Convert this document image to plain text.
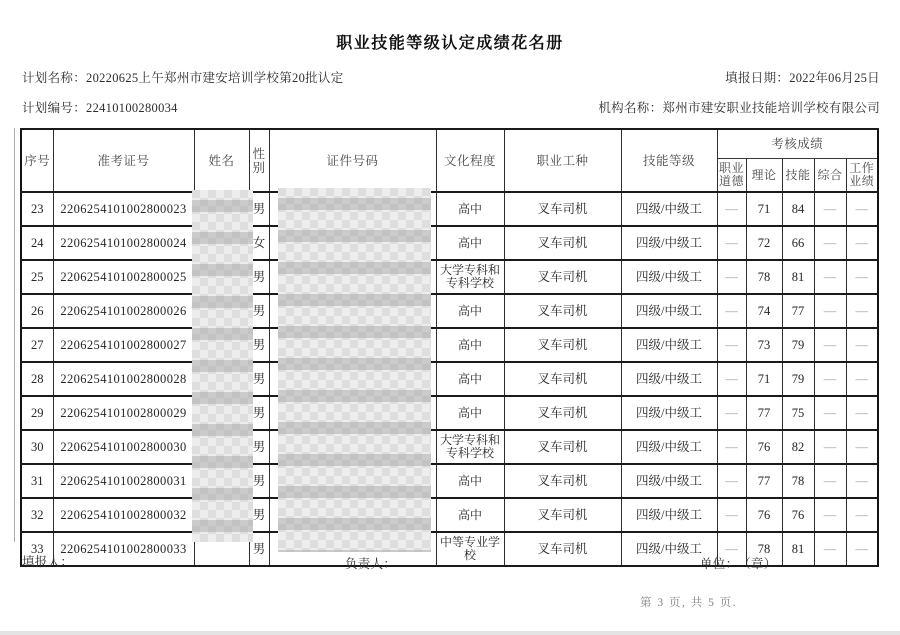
职业技能等级认定成绩花名册
计划名称：20220625上午郑州市建安培训学校第20批认定	填报日期：2022年06月25日
计划编号：22410100280034	机构名称：郑州市建安职业技能培训学校有限公司
序号	准考证号	姓名	性别	证件号码	文化程度	职业工种	技能等级	考核成绩				
								职业道德	理论	技能	综合	工作业绩
23	2206254101002800023		男		高中	叉车司机	四级/中级工	—	71	84	—	—
24	2206254101002800024		女		高中	叉车司机	四级/中级工	—	72	66	—	—
25	2206254101002800025		男		大学专科和专科学校	叉车司机	四级/中级工	—	78	81	—	—
26	2206254101002800026		男		高中	叉车司机	四级/中级工	—	74	77	—	—
27	2206254101002800027		男		高中	叉车司机	四级/中级工	—	73	79	—	—
28	2206254101002800028		男		高中	叉车司机	四级/中级工	—	71	79	—	—
29	2206254101002800029		男		高中	叉车司机	四级/中级工	—	77	75	—	—
30	2206254101002800030		男		大学专科和专科学校	叉车司机	四级/中级工	—	76	82	—	—
31	2206254101002800031		男		高中	叉车司机	四级/中级工	—	77	78	—	—
32	2206254101002800032		男		高中	叉车司机	四级/中级工	—	76	76	—	—
33	2206254101002800033		男		中等专业学校	叉车司机	四级/中级工	—	78	81	—	—
填报人：	负责人：	单位： （章）
第 3 页, 共 5 页.
